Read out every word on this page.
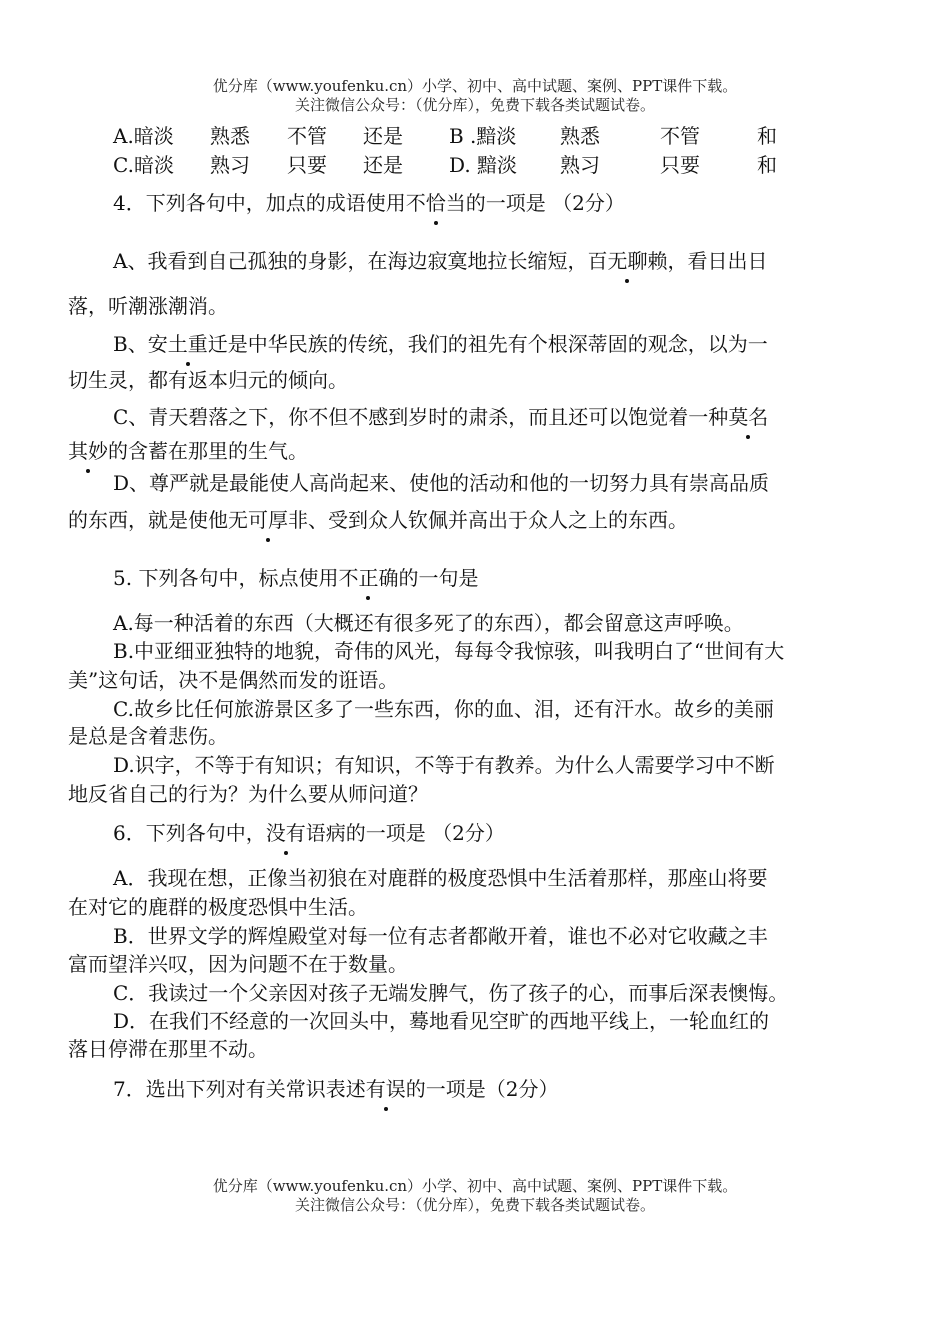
优分库（www.youfenku.cn）小学、初中、高中试题、案例、PPT课件下载。
关注微信公众号：（优分库），免费下载各类试题试卷。
A.暗淡 熟悉 不管 还是 B .黯淡 熟悉	不管	和
C.暗淡 熟习 只要 还是 D. 黯淡 熟习	只要	和
4．下列各句中，加点的成语使用不恰当的一项是 （2分）
A、我看到自己孤独的身影，在海边寂寞地拉长缩短，百无聊赖，看日出日
落，听潮涨潮消。
B、安土重迁是中华民族的传统，我们的祖先有个根深蒂固的观念，以为一
切生灵，都有返本归元的倾向。
C、青天碧落之下，你不但不感到岁时的肃杀，而且还可以饱觉着一种莫名
其妙的含蓄在那里的生气。
D、尊严就是最能使人高尚起来、使他的活动和他的一切努力具有崇高品质
的东西，就是使他无可厚非、受到众人钦佩并高出于众人之上的东西。
5. 下列各句中，标点使用不正确的一句是
A.每一种活着的东西（大概还有很多死了的东西），都会留意这声呼唤。
B.中亚细亚独特的地貌，奇伟的风光，每每令我惊骇，叫我明白了“世间有大
美”这句话，决不是偶然而发的诳语。
C.故乡比任何旅游景区多了一些东西，你的血、泪，还有汗水。故乡的美丽
是总是含着悲伤。
D.识字，不等于有知识；有知识，不等于有教养。为什么人需要学习中不断
地反省自己的行为？为什么要从师问道？
6．下列各句中，没有语病的一项是 （2分）
A．我现在想，正像当初狼在对鹿群的极度恐惧中生活着那样，那座山将要
在对它的鹿群的极度恐惧中生活。
B．世界文学的辉煌殿堂对每一位有志者都敞开着，谁也不必对它收藏之丰
富而望洋兴叹，因为问题不在于数量。
C．我读过一个父亲因对孩子无端发脾气，伤了孩子的心，而事后深表懊悔。
D．在我们不经意的一次回头中，蓦地看见空旷的西地平线上，一轮血红的
落日停滞在那里不动。
7．选出下列对有关常识表述有误的一项是（2分）
优分库（www.youfenku.cn）小学、初中、高中试题、案例、PPT课件下载。
关注微信公众号：（优分库），免费下载各类试题试卷。
